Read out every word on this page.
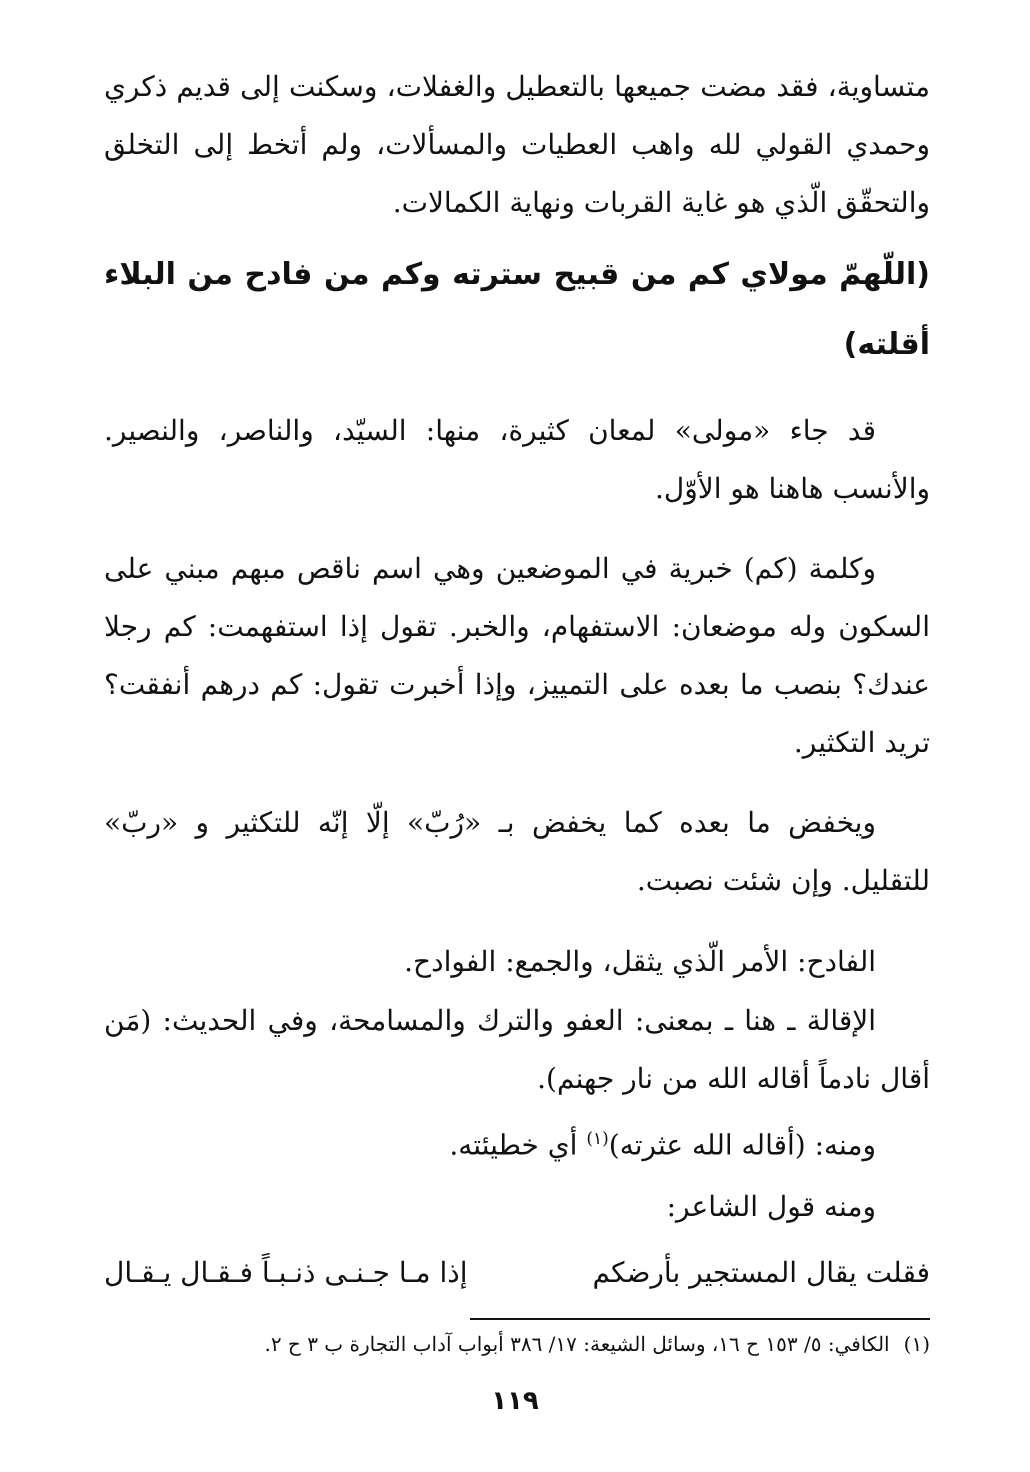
متساوية، فقد مضت جميعها بالتعطيل والغفلات، وسكنت إلى قديم ذكري وحمدي القولي لله واهب العطيات والمسألات، ولم أتخط إلى التخلق والتحقّق الّذي هو غاية القربات ونهاية الكمالات.

(اللّهمّ مولاي كم من قبيح سترته وكم من فادح من البلاء أقلته)

قد جاء «مولى» لمعان كثيرة، منها: السيّد، والناصر، والنصير. والأنسب هاهنا هو الأوّل.

وكلمة (كم) خبرية في الموضعين وهي اسم ناقص مبهم مبني على السكون وله موضعان: الاستفهام، والخبر. تقول إذا استفهمت: كم رجلا عندك؟ بنصب ما بعده على التمييز، وإذا أخبرت تقول: كم درهم أنفقت؟ تريد التكثير.

ويخفض ما بعده كما يخفض بـ «رُبّ» إلّا إنّه للتكثير و «ربّ» للتقليل. وإن شئت نصبت.

الفادح: الأمر الّذي يثقل، والجمع: الفوادح.

الإقالة ـ هنا ـ بمعنى: العفو والترك والمسامحة، وفي الحديث: (مَن أقال نادماً أقاله الله من نار جهنم).

ومنه: (أقاله الله عثرته)$^{(١)}$ أي خطيئته.

ومنه قول الشاعر:

فقلت يقال المستجير بأرضكم
إذا مـا جـنـى ذنـبـاً فـقـال يـقـال

(١)الكافي: ٥/ ١٥٣ ح ١٦، وسائل الشيعة: ١٧/ ٣٨٦ أبواب آداب التجارة ب ٣ ح ٢.

١١٩
